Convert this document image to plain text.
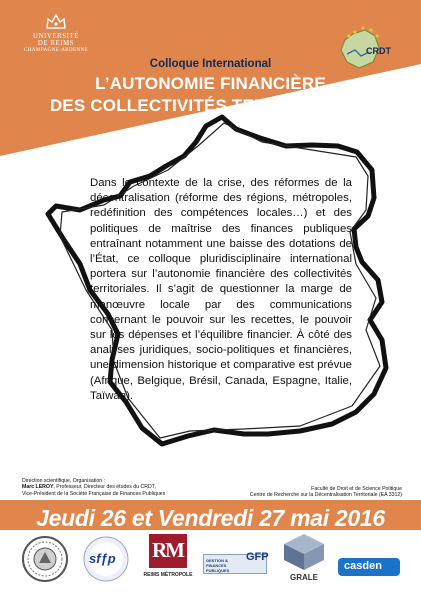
UNIVERSITÉ
DE REIMS
CHAMPAGNE-ARDENNE	CRDT
Colloque International
L’AUTONOMIE FINANCIÈRE
DES COLLECTIVITÉS TERRITORIALES

Dans le contexte de la crise, des réformes de la décentralisation (réforme des régions, métropoles, redéfinition des compétences locales…) et des politiques de maîtrise des finances publiques entraînant notamment une baisse des dotations de l’État, ce colloque pluridisciplinaire international portera sur l’autonomie financière des collectivités territoriales. Il s’agit de questionner la marge de manœuvre locale par des communications concernant le pouvoir sur les recettes, le pouvoir sur les dépenses et l’équilibre financier. À côté des analyses juridiques, socio-politiques et financières, une dimension historique et comparative est prévue (Afrique, Belgique, Brésil, Canada, Espagne, Italie, Taïwan).

Direction scientifique, Organisation :
Marc LEROY, Professeur, Directeur des études du CRDT,
Vice-Président de la Société Française de Finances Publiques
Faculté de Droit et de Science Politique
Centre de Recherche sur la Décentralisation Territoriale (EA 3312)
Jeudi 26 et Vendredi 27 mai 2016
sfƒp RM
REIMS MÉTROPOLE
GESTION & FINANCES PUBLIQUES
GFP
GRALE
casden
